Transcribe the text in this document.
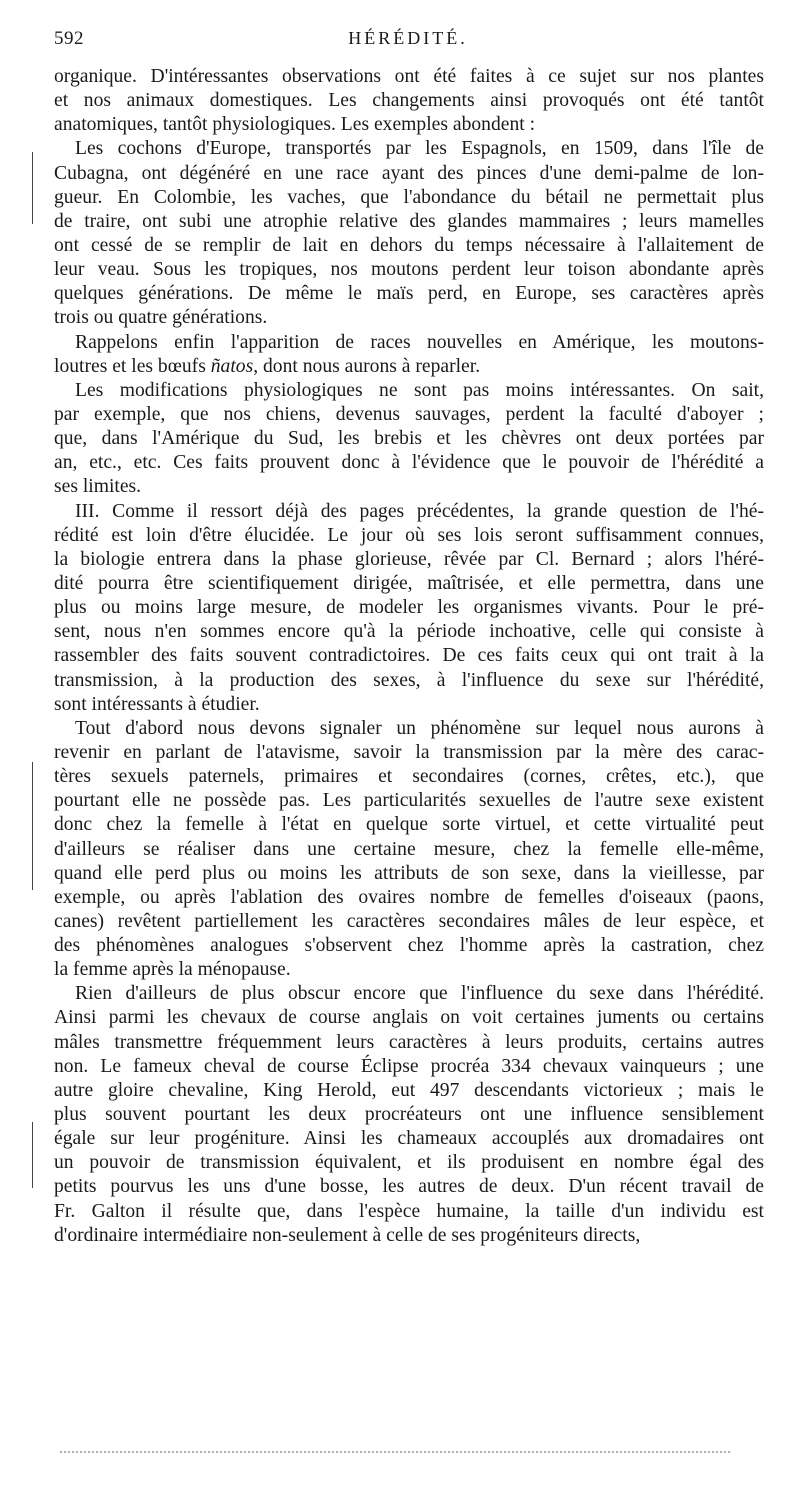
592	HÉRÉDITÉ.
organique. D'intéressantes observations ont été faites à ce sujet sur nos plantes
et nos animaux domestiques. Les changements ainsi provoqués ont été tantôt
anatomiques, tantôt physiologiques. Les exemples abondent :
Les cochons d'Europe, transportés par les Espagnols, en 1509, dans l'île de
Cubagna, ont dégénéré en une race ayant des pinces d'une demi-palme de lon-
gueur. En Colombie, les vaches, que l'abondance du bétail ne permettait plus
de traire, ont subi une atrophie relative des glandes mammaires ; leurs mamelles
ont cessé de se remplir de lait en dehors du temps nécessaire à l'allaitement de
leur veau. Sous les tropiques, nos moutons perdent leur toison abondante après
quelques générations. De même le maïs perd, en Europe, ses caractères après
trois ou quatre générations.
Rappelons enfin l'apparition de races nouvelles en Amérique, les moutons-
loutres et les bœufs ñatos, dont nous aurons à reparler.
Les modifications physiologiques ne sont pas moins intéressantes. On sait,
par exemple, que nos chiens, devenus sauvages, perdent la faculté d'aboyer ;
que, dans l'Amérique du Sud, les brebis et les chèvres ont deux portées par
an, etc., etc. Ces faits prouvent donc à l'évidence que le pouvoir de l'hérédité a
ses limites.
III. Comme il ressort déjà des pages précédentes, la grande question de l'hé-
rédité est loin d'être élucidée. Le jour où ses lois seront suffisamment connues,
la biologie entrera dans la phase glorieuse, rêvée par Cl. Bernard ; alors l'héré-
dité pourra être scientifiquement dirigée, maîtrisée, et elle permettra, dans une
plus ou moins large mesure, de modeler les organismes vivants. Pour le pré-
sent, nous n'en sommes encore qu'à la période inchoative, celle qui consiste à
rassembler des faits souvent contradictoires. De ces faits ceux qui ont trait à la
transmission, à la production des sexes, à l'influence du sexe sur l'hérédité,
sont intéressants à étudier.
Tout d'abord nous devons signaler un phénomène sur lequel nous aurons à
revenir en parlant de l'atavisme, savoir la transmission par la mère des carac-
tères sexuels paternels, primaires et secondaires (cornes, crêtes, etc.), que
pourtant elle ne possède pas. Les particularités sexuelles de l'autre sexe existent
donc chez la femelle à l'état en quelque sorte virtuel, et cette virtualité peut
d'ailleurs se réaliser dans une certaine mesure, chez la femelle elle-même,
quand elle perd plus ou moins les attributs de son sexe, dans la vieillesse, par
exemple, ou après l'ablation des ovaires nombre de femelles d'oiseaux (paons,
canes) revêtent partiellement les caractères secondaires mâles de leur espèce, et
des phénomènes analogues s'observent chez l'homme après la castration, chez
la femme après la ménopause.
Rien d'ailleurs de plus obscur encore que l'influence du sexe dans l'hérédité.
Ainsi parmi les chevaux de course anglais on voit certaines juments ou certains
mâles transmettre fréquemment leurs caractères à leurs produits, certains autres
non. Le fameux cheval de course Éclipse procréa 334 chevaux vainqueurs ; une
autre gloire chevaline, King Herold, eut 497 descendants victorieux ; mais le
plus souvent pourtant les deux procréateurs ont une influence sensiblement
égale sur leur progéniture. Ainsi les chameaux accouplés aux dromadaires ont
un pouvoir de transmission équivalent, et ils produisent en nombre égal des
petits pourvus les uns d'une bosse, les autres de deux. D'un récent travail de
Fr. Galton il résulte que, dans l'espèce humaine, la taille d'un individu est
d'ordinaire intermédiaire non-seulement à celle de ses progéniteurs directs,
